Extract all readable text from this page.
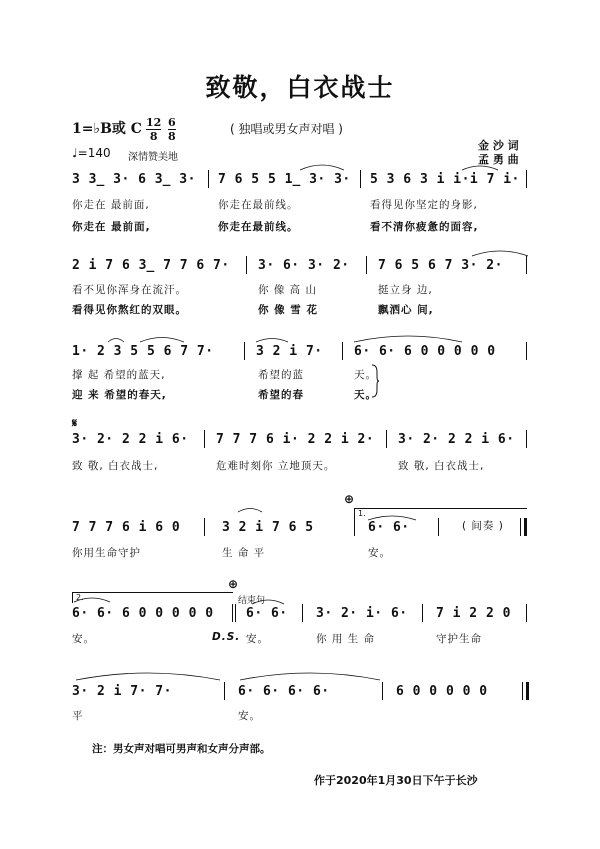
致敬，白衣战士
1=♭B或 C 12
8
6
8
( 独唱或男女声对唱 )
金 沙 词
孟 勇 曲
♩=140 深情赞美地
3 3̲ 3· 6 3̲ 3· 7 6 5 5 1̲ 3· 3· 5 3 6 3 i i·i 7 i·
你走在 最前面,	你走在最前线。	看得见你坚定的身影,
你走在 最前面,	你走在最前线。	看不清你疲惫的面容,
2 i 7 6 3̲ 7 7 6 7· 3· 6· 3· 2· 7 6 5 6 7 3· 2·
看不见你浑身在流汗。	你 像 高 山	挺立身 边,
看得见你熬红的双眼。	你 像 雪 花	飘洒心 间,
1· 2 3 5 5 6 7 7·	3 2 i 7· 6· 6· 6 0 0 0 0 0
撑 起 希望的蓝天,	希望的蓝	天。
迎 来 希望的春天,	希望的春	天。
𝄋
3· 2· 2 2 i 6· 7 7 7 6 i· 2 2 i 2· 3· 2· 2 2 i 6·
致 敬, 白衣战士,	危难时刻你 立地顶天。	致 敬, 白衣战士,
⊕
1.
7 7 7 6 i 6 0	3 2 i 7 6 5	6· 6·	( 间奏 )
你用生命守护	生 命 平	安。
2.
⊕
结束句
6· 6· 6 0 0 0 0 0 6· 6· 3· 2· i· 6· 7 i 2 2 0
安。	D.S. 安。	你 用 生 命	守护生命
3· 2 i 7· 7·	6· 6· 6· 6·	6 0 0 0 0 0
平	安。
注：男女声对唱可男声和女声分声部。
作于2020年1月30日下午于长沙
